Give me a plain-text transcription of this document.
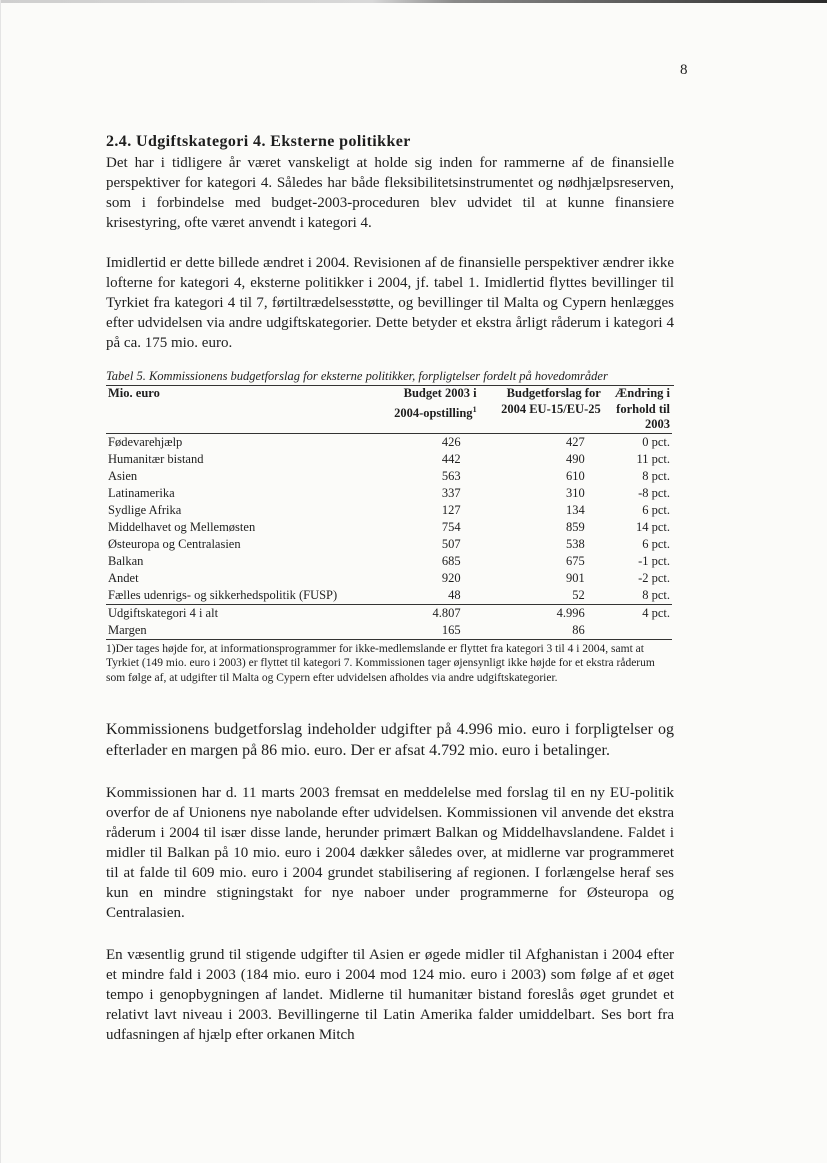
8
2.4. Udgiftskategori 4. Eksterne politikker

Det har i tidligere år været vanskeligt at holde sig inden for rammerne af de finansielle perspektiver for kategori 4. Således har både fleksibilitetsinstrumentet og nødhjælpsreserven, som i forbindelse med budget-2003-proceduren blev udvidet til at kunne finansiere krisestyring, ofte været anvendt i kategori 4.

Imidlertid er dette billede ændret i 2004. Revisionen af de finansielle perspektiver ændrer ikke lofterne for kategori 4, eksterne politikker i 2004, jf. tabel 1. Imidlertid flyttes bevillinger til Tyrkiet fra kategori 4 til 7, førtiltrædelsesstøtte, og bevillinger til Malta og Cypern henlægges efter udvidelsen via andre udgiftskategorier. Dette betyder et ekstra årligt råderum i kategori 4 på ca. 175 mio. euro.

Tabel 5. Kommissionens budgetforslag for eksterne politikker, forpligtelser fordelt på hovedområder
Mio. euro	Budget 2003 i 2004-opstilling$^1$	Budgetforslag for 2004 EU-15/EU-25	Ændring i forhold til 2003
Fødevarehjælp	426	427	0 pct.
Humanitær bistand	442	490	11 pct.
Asien	563	610	8 pct.
Latinamerika	337	310	-8 pct.
Sydlige Afrika	127	134	6 pct.
Middelhavet og Mellemøsten	754	859	14 pct.
Østeuropa og Centralasien	507	538	6 pct.
Balkan	685	675	-1 pct.
Andet	920	901	-2 pct.
Fælles udenrigs- og sikkerhedspolitik (FUSP)	48	52	8 pct.
Udgiftskategori 4 i alt	4.807	4.996	4 pct.
Margen	165	86	
1)Der tages højde for, at informationsprogrammer for ikke-medlemslande er flyttet fra kategori 3 til 4 i 2004, samt at Tyrkiet (149 mio. euro i 2003) er flyttet til kategori 7. Kommissionen tager øjensynligt ikke højde for et ekstra råderum som følge af, at udgifter til Malta og Cypern efter udvidelsen afholdes via andre udgiftskategorier.

Kommissionens budgetforslag indeholder udgifter på 4.996 mio. euro i forpligtelser og efterlader en margen på 86 mio. euro. Der er afsat 4.792 mio. euro i betalinger.

Kommissionen har d. 11 marts 2003 fremsat en meddelelse med forslag til en ny EU-politik overfor de af Unionens nye nabolande efter udvidelsen. Kommissionen vil anvende det ekstra råderum i 2004 til især disse lande, herunder primært Balkan og Middelhavslandene. Faldet i midler til Balkan på 10 mio. euro i 2004 dækker således over, at midlerne var programmeret til at falde til 609 mio. euro i 2004 grundet stabilisering af regionen. I forlængelse heraf ses kun en mindre stigningstakt for nye naboer under programmerne for Østeuropa og Centralasien.

En væsentlig grund til stigende udgifter til Asien er øgede midler til Afghanistan i 2004 efter et mindre fald i 2003 (184 mio. euro i 2004 mod 124 mio. euro i 2003) som følge af et øget tempo i genopbygningen af landet. Midlerne til humanitær bistand foreslås øget grundet et relativt lavt niveau i 2003. Bevillingerne til Latin Amerika falder umiddelbart. Ses bort fra udfasningen af hjælp efter orkanen Mitch
